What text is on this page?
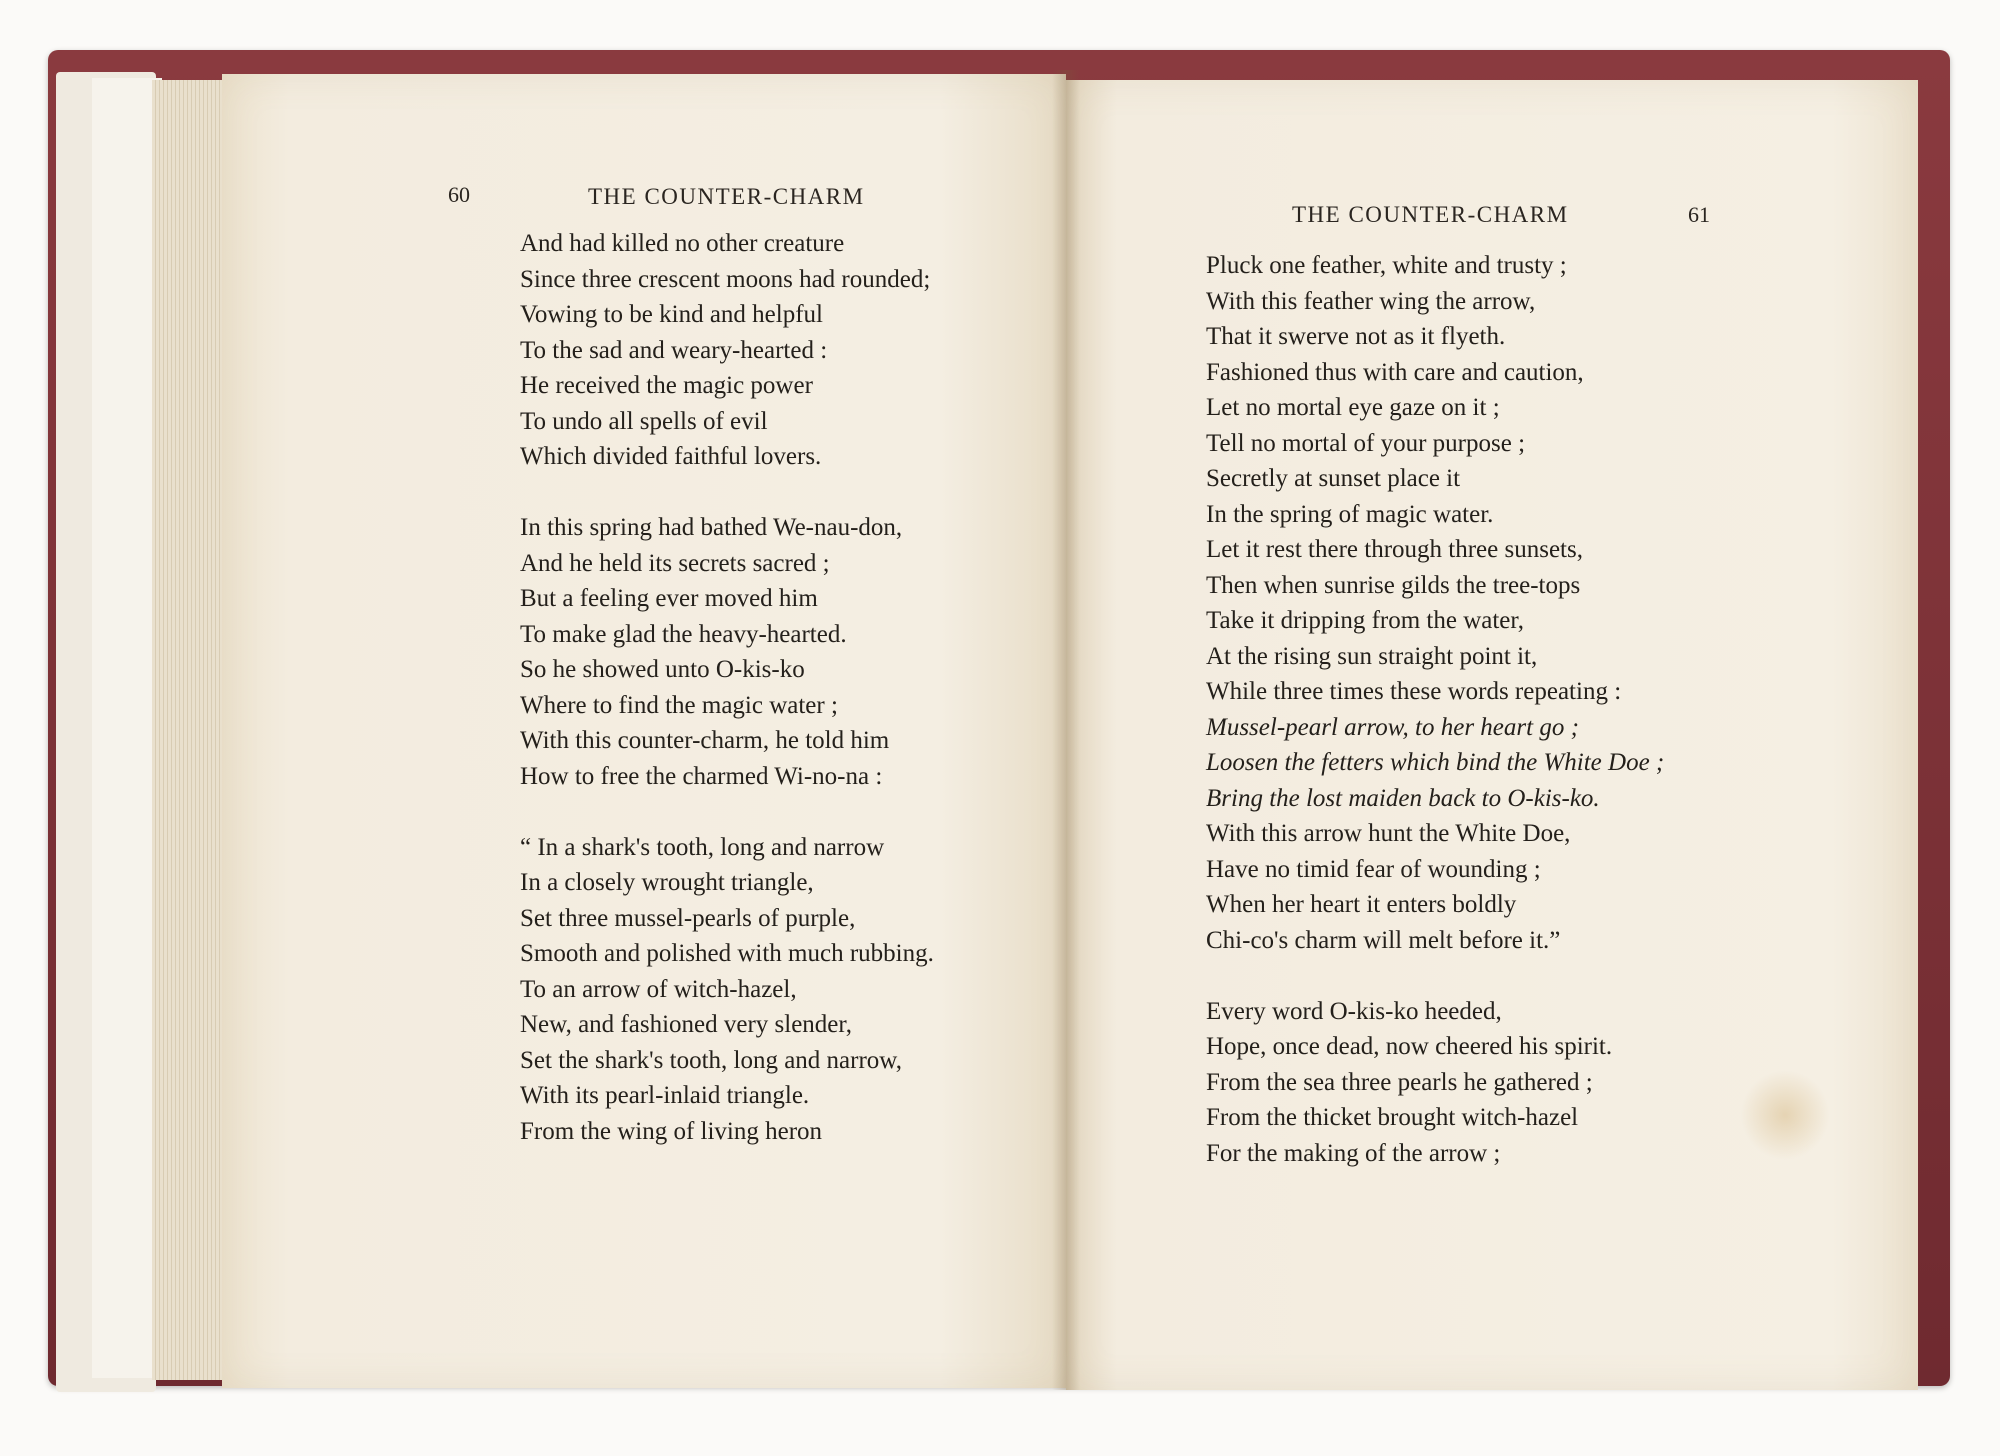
60	THE COUNTER-CHARM
THE COUNTER-CHARM	61
And had killed no other creature
Since three crescent moons had rounded;
Vowing to be kind and helpful
To the sad and weary-hearted :
He received the magic power
To undo all spells of evil
Which divided faithful lovers.
In this spring had bathed We-nau-don,
And he held its secrets sacred ;
But a feeling ever moved him
To make glad the heavy-hearted.
So he showed unto O-kis-ko
Where to find the magic water ;
With this counter-charm, he told him
How to free the charmed Wi-no-na :
“ In a shark's tooth, long and narrow
In a closely wrought triangle,
Set three mussel-pearls of purple,
Smooth and polished with much rubbing.
To an arrow of witch-hazel,
New, and fashioned very slender,
Set the shark's tooth, long and narrow,
With its pearl-inlaid triangle.
From the wing of living heron
Pluck one feather, white and trusty ;
With this feather wing the arrow,
That it swerve not as it flyeth.
Fashioned thus with care and caution,
Let no mortal eye gaze on it ;
Tell no mortal of your purpose ;
Secretly at sunset place it
In the spring of magic water.
Let it rest there through three sunsets,
Then when sunrise gilds the tree-tops
Take it dripping from the water,
At the rising sun straight point it,
While three times these words repeating :
Mussel-pearl arrow, to her heart go ;
Loosen the fetters which bind the White Doe ;
Bring the lost maiden back to O-kis-ko.
With this arrow hunt the White Doe,
Have no timid fear of wounding ;
When her heart it enters boldly
Chi-co's charm will melt before it.”
Every word O-kis-ko heeded,
Hope, once dead, now cheered his spirit.
From the sea three pearls he gathered ;
From the thicket brought witch-hazel
For the making of the arrow ;
